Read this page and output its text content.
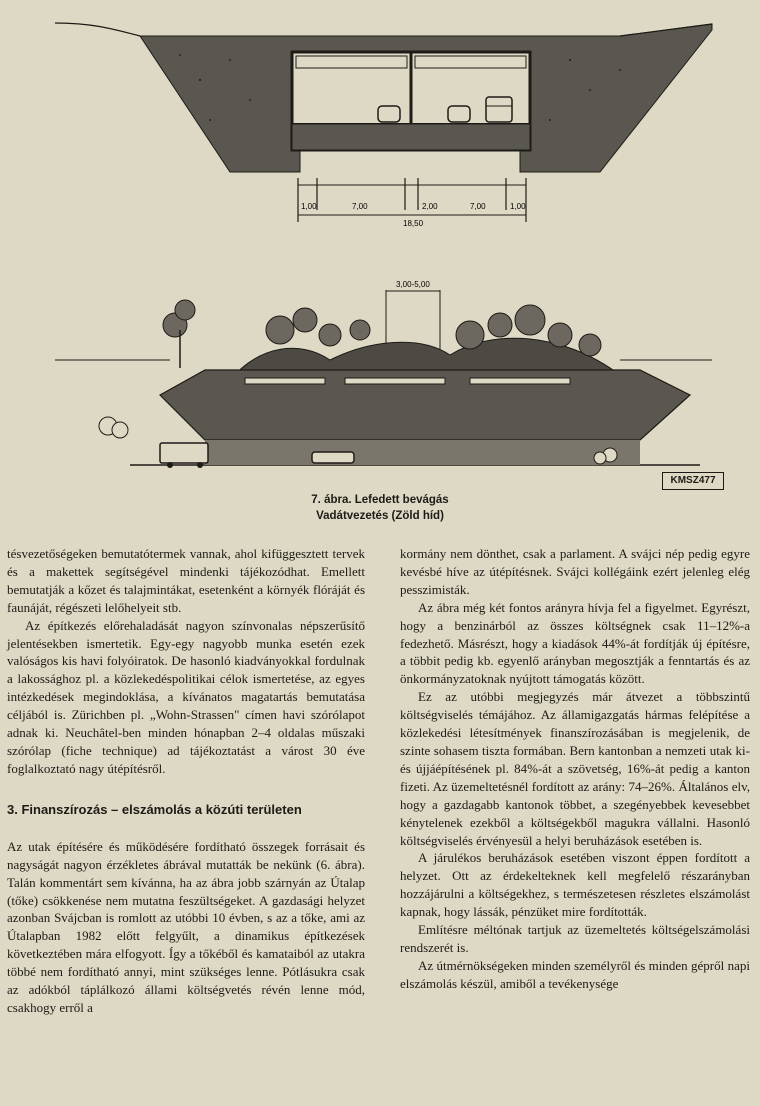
1,00	7,00	2,00	7,00	1,00
18,50
3,00-5,00
KMSZ477
7. ábra. Lefedett bevágás
Vadátvezetés (Zöld híd)

tésvezetőségeken bemutatótermek vannak, ahol kifüggesztett tervek és a makettek segítségével mindenki tájékozódhat. Emellett bemutatják a kőzet és talajmintákat, esetenként a környék flóráját és faunáját, régészeti lelőhelyeit stb.

Az építkezés előrehaladását nagyon színvonalas népszerűsítő jelentésekben ismertetik. Egy-egy nagyobb munka esetén ezek valóságos kis havi folyóiratok. De hasonló kiadványokkal fordulnak a lakossághoz pl. a közlekedéspolitikai célok ismertetése, az egyes intézkedések megindoklása, a kívánatos magatartás bemutatása céljából is. Zürichben pl. „Wohn-Strassen" címen havi szórólapot adnak ki. Neuchâtel-ben minden hónapban 2–4 oldalas műszaki szórólap (fiche technique) ad tájékoztatást a várost 30 éve foglalkoztató nagy útépítésről.

3. Finanszírozás – elszámolás a közúti területen

Az utak építésére és működésére fordítható összegek forrásait és nagyságát nagyon érzékletes ábrával mutatták be nekünk (6. ábra). Talán kommentárt sem kívánna, ha az ábra jobb szárnyán az Útalap (tőke) csökkenése nem mutatna feszültségeket. A gazdasági helyzet azonban Svájcban is romlott az utóbbi 10 évben, s az a tőke, ami az Útalapban 1982 előtt felgyűlt, a dinamikus építkezések következtében mára elfogyott. Így a tőkéből és kamataiból az utakra többé nem fordítható annyi, mint szükséges lenne. Pótlásukra csak az adókból táplálkozó állami költségvetés révén lenne mód, csakhogy erről a

kormány nem dönthet, csak a parlament. A svájci nép pedig egyre kevésbé híve az útépítésnek. Svájci kollégáink ezért jelenleg elég pesszimisták.

Az ábra még két fontos arányra hívja fel a figyelmet. Egyrészt, hogy a benzinárból az összes költségnek csak 11–12%-a fedezhető. Másrészt, hogy a kiadások 44%-át fordítják új építésre, a többit pedig kb. egyenlő arányban megosztják a fenntartás és az önkormányzatoknak nyújtott támogatás között.

Ez az utóbbi megjegyzés már átvezet a többszintű költségviselés témájához. Az államigazgatás hármas felépítése a közlekedési létesítmények finanszírozásában is megjelenik, de szinte sohasem tiszta formában. Bern kantonban a nemzeti utak ki- és újjáépítésének pl. 84%-át a szövetség, 16%-át pedig a kanton fizeti. Az üzemeltetésnél fordított az arány: 74–26%. Általános elv, hogy a gazdagabb kantonok többet, a szegényebbek kevesebbet kénytelenek ezekből a költségekből magukra vállalni. Hasonló költségviselés érvényesül a helyi beruházások esetében is.

A járulékos beruházások esetében viszont éppen fordított a helyzet. Ott az érdekelteknek kell megfelelő részarányban hozzájárulni a költségekhez, s természetesen részletes elszámolást kapnak, hogy lássák, pénzüket mire fordították.

Említésre méltónak tartjuk az üzemeltetés költségelszámolási rendszerét is.

Az útmérnökségeken minden személyről és minden gépről napi elszámolás készül, amiből a tevékenysége
